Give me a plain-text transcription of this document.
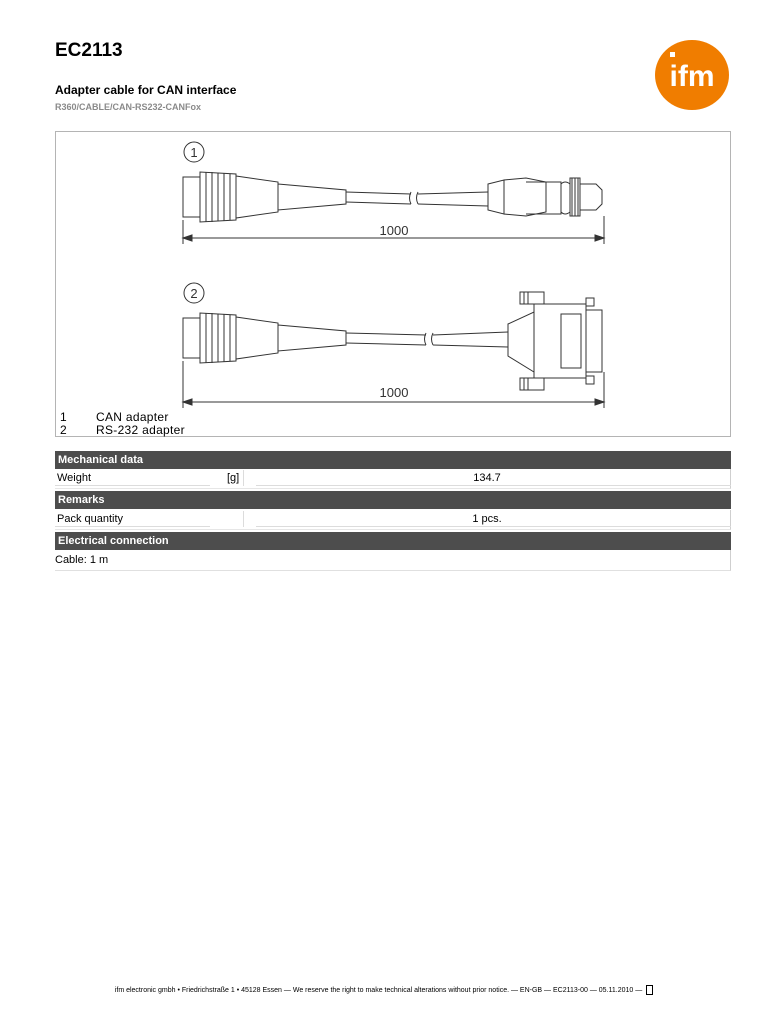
EC2113
Adapter cable for CAN interface
R360/CABLE/CAN-RS232-CANFox
ifm
1
2
1000
1000
1	CAN adapter
2	RS-232 adapter
Mechanical data
Weight	[g]	134.7
Remarks
Pack quantity	1 pcs.
Electrical connection
Cable: 1 m
ifm electronic gmbh • Friedrichstraße 1 • 45128 Essen — We reserve the right to make technical alterations without prior notice. — EN-GB — EC2113-00 — 05.11.2010 —
